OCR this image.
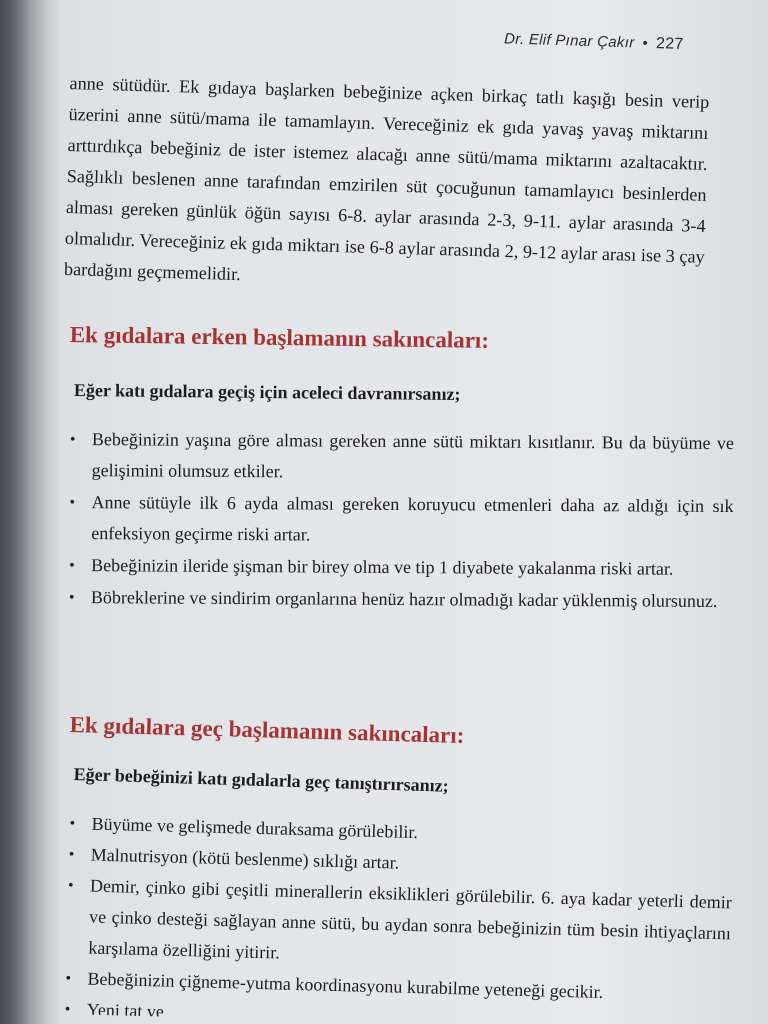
Dr. Elif Pınar Çakır • 227
anne sütüdür. Ek gıdaya başlarken bebeğinize açken birkaç tatlı kaşığı besin verip üzerini anne sütü/mama ile tamamlayın. Vereceğiniz ek gıda yavaş yavaş miktarını arttırdıkça bebeğiniz de ister istemez alacağı anne sütü/mama miktarını azaltacaktır. Sağlıklı beslenen anne tarafından emzirilen süt çocuğunun tamamlayıcı besinlerden alması gereken günlük öğün sayısı 6-8. aylar arasında 2-3, 9-11. aylar arasında 3-4 olmalıdır. Vereceğiniz ek gıda miktarı ise 6-8 aylar arasında 2, 9-12 aylar arası ise 3 çay bardağını geçmemelidir.
Ek gıdalara erken başlamanın sakıncaları:
Eğer katı gıdalara geçiş için aceleci davranırsanız;
• Bebeğinizin yaşına göre alması gereken anne sütü miktarı kısıtlanır. Bu da büyüme ve gelişimini olumsuz etkiler.
• Anne sütüyle ilk 6 ayda alması gereken koruyucu etmenleri daha az aldığı için sık enfeksiyon geçirme riski artar.
• Bebeğinizin ileride şişman bir birey olma ve tip 1 diyabete yakalanma riski artar.
• Böbreklerine ve sindirim organlarına henüz hazır olmadığı kadar yüklenmiş olursunuz.
Ek gıdalara geç başlamanın sakıncaları:
Eğer bebeğinizi katı gıdalarla geç tanıştırırsanız;
• Büyüme ve gelişmede duraksama görülebilir.
• Malnutrisyon (kötü beslenme) sıklığı artar.
• Demir, çinko gibi çeşitli minerallerin eksiklikleri görülebilir. 6. aya kadar yeterli demir ve çinko desteği sağlayan anne sütü, bu aydan sonra bebeğinizin tüm besin ihtiyaçlarını karşılama özelliğini yitirir.
• Bebeğinizin çiğneme-yutma koordinasyonu kurabilme yeteneği gecikir.
• Yeni tat ve
